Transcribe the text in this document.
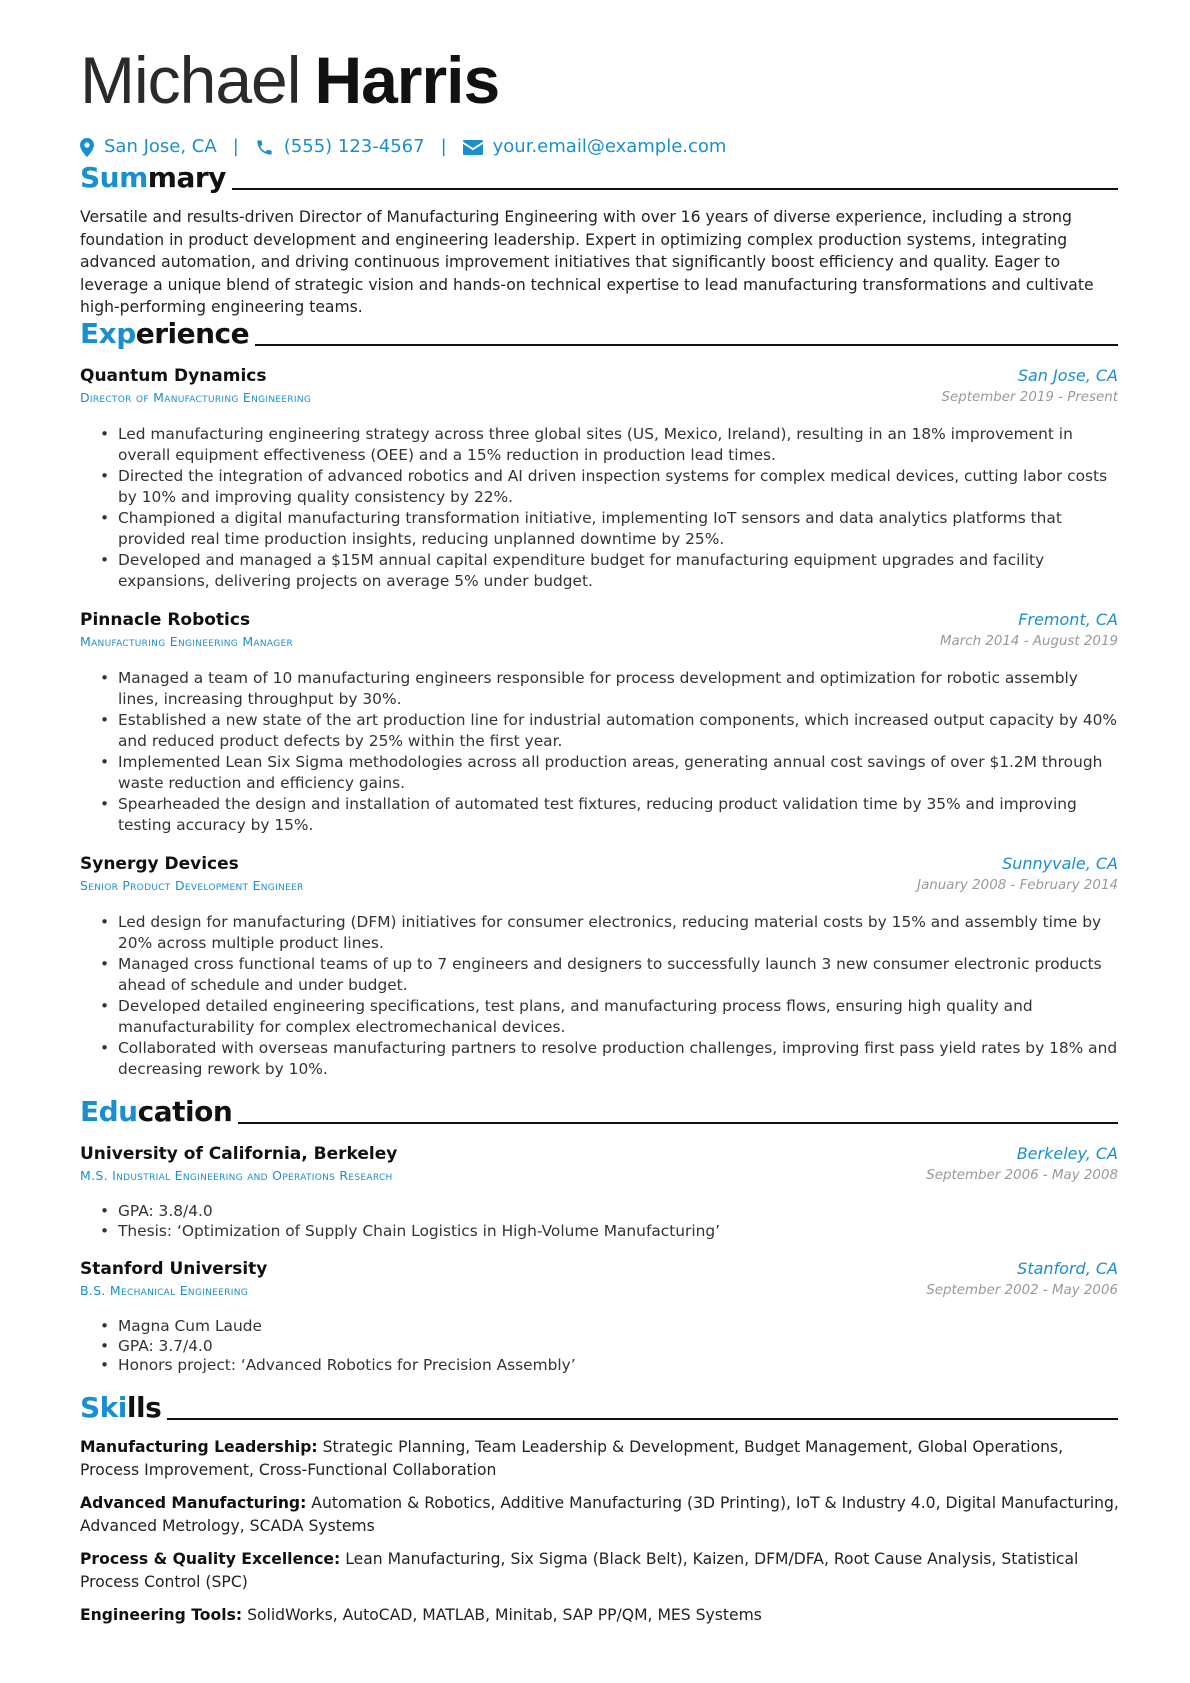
Michael Harris
San Jose, CA |	(555) 123-4567 |	your.email@example.com
Summary
Versatile and results-driven Director of Manufacturing Engineering with over 16 years of diverse experience, including a strong foundation in product development and engineering leadership. Expert in optimizing complex production systems, integrating advanced automation, and driving continuous improvement initiatives that significantly boost efficiency and quality. Eager to leverage a unique blend of strategic vision and hands-on technical expertise to lead manufacturing transformations and cultivate high-performing engineering teams.
Experience
Quantum Dynamics	San Jose, CA
Director of Manufacturing Engineering	September 2019 - Present
• Led manufacturing engineering strategy across three global sites (US, Mexico, Ireland), resulting in an 18% improvement in overall equipment effectiveness (OEE) and a 15% reduction in production lead times.
• Directed the integration of advanced robotics and AI driven inspection systems for complex medical devices, cutting labor costs by 10% and improving quality consistency by 22%.
• Championed a digital manufacturing transformation initiative, implementing IoT sensors and data analytics platforms that provided real time production insights, reducing unplanned downtime by 25%.
• Developed and managed a $15M annual capital expenditure budget for manufacturing equipment upgrades and facility expansions, delivering projects on average 5% under budget.
Pinnacle Robotics	Fremont, CA
Manufacturing Engineering Manager	March 2014 - August 2019
• Managed a team of 10 manufacturing engineers responsible for process development and optimization for robotic assembly lines, increasing throughput by 30%.
• Established a new state of the art production line for industrial automation components, which increased output capacity by 40% and reduced product defects by 25% within the first year.
• Implemented Lean Six Sigma methodologies across all production areas, generating annual cost savings of over $1.2M through waste reduction and efficiency gains.
• Spearheaded the design and installation of automated test fixtures, reducing product validation time by 35% and improving testing accuracy by 15%.
Synergy Devices	Sunnyvale, CA
Senior Product Development Engineer	January 2008 - February 2014
• Led design for manufacturing (DFM) initiatives for consumer electronics, reducing material costs by 15% and assembly time by 20% across multiple product lines.
• Managed cross functional teams of up to 7 engineers and designers to successfully launch 3 new consumer electronic products ahead of schedule and under budget.
• Developed detailed engineering specifications, test plans, and manufacturing process flows, ensuring high quality and manufacturability for complex electromechanical devices.
• Collaborated with overseas manufacturing partners to resolve production challenges, improving first pass yield rates by 18% and decreasing rework by 10%.
Education
University of California, Berkeley	Berkeley, CA
M.S. Industrial Engineering and Operations Research	September 2006 - May 2008
• GPA: 3.8/4.0
• Thesis: ‘Optimization of Supply Chain Logistics in High-Volume Manufacturing’
Stanford University	Stanford, CA
B.S. Mechanical Engineering	September 2002 - May 2006
• Magna Cum Laude
• GPA: 3.7/4.0
• Honors project: ‘Advanced Robotics for Precision Assembly’
Skills
Manufacturing Leadership: Strategic Planning, Team Leadership & Development, Budget Management, Global Operations, Process Improvement, Cross-Functional Collaboration
Advanced Manufacturing: Automation & Robotics, Additive Manufacturing (3D Printing), IoT & Industry 4.0, Digital Manufacturing, Advanced Metrology, SCADA Systems
Process & Quality Excellence: Lean Manufacturing, Six Sigma (Black Belt), Kaizen, DFM/DFA, Root Cause Analysis, Statistical Process Control (SPC)
Engineering Tools: SolidWorks, AutoCAD, MATLAB, Minitab, SAP PP/QM, MES Systems
